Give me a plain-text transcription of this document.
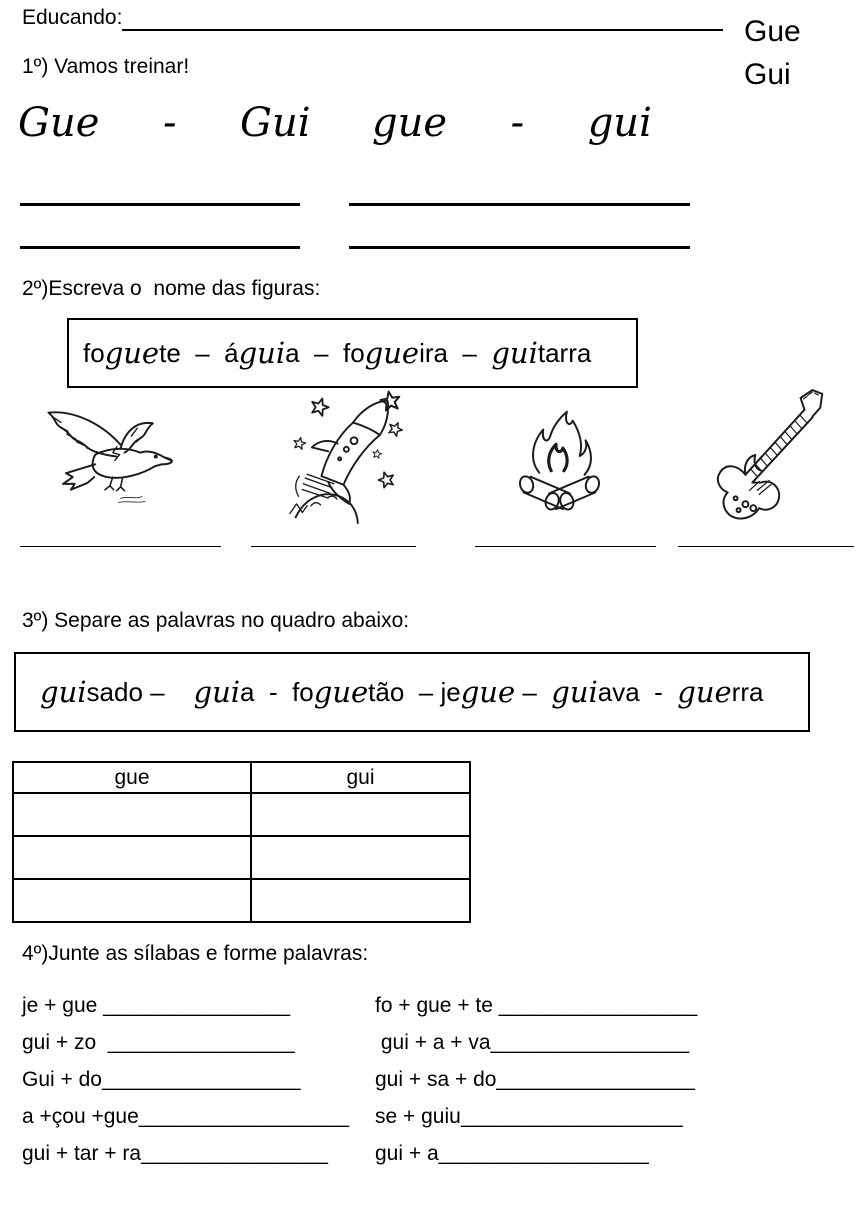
Educando:	Gue
Gui
1º) Vamos treinar!
Gue     -     Gui gue     -     gui
2º)Escreva o  nome das figuras:
fo gue te – á gui a – fo gue ira – gui tarra
3º) Separe as palavras no quadro abaixo:
gui sado – gui a - fo gue tão – je gue – gui ava - gue rra
gue	gui

4º)Junte as sílabas e forme palavras:
je + gue ________________	fo + gue + te _________________
gui + zo  ________________	gui + a + va_________________
Gui + do_________________	gui + sa + do_________________
a +çou +gue__________________	se + guiu___________________
gui + tar + ra________________	gui + a__________________
